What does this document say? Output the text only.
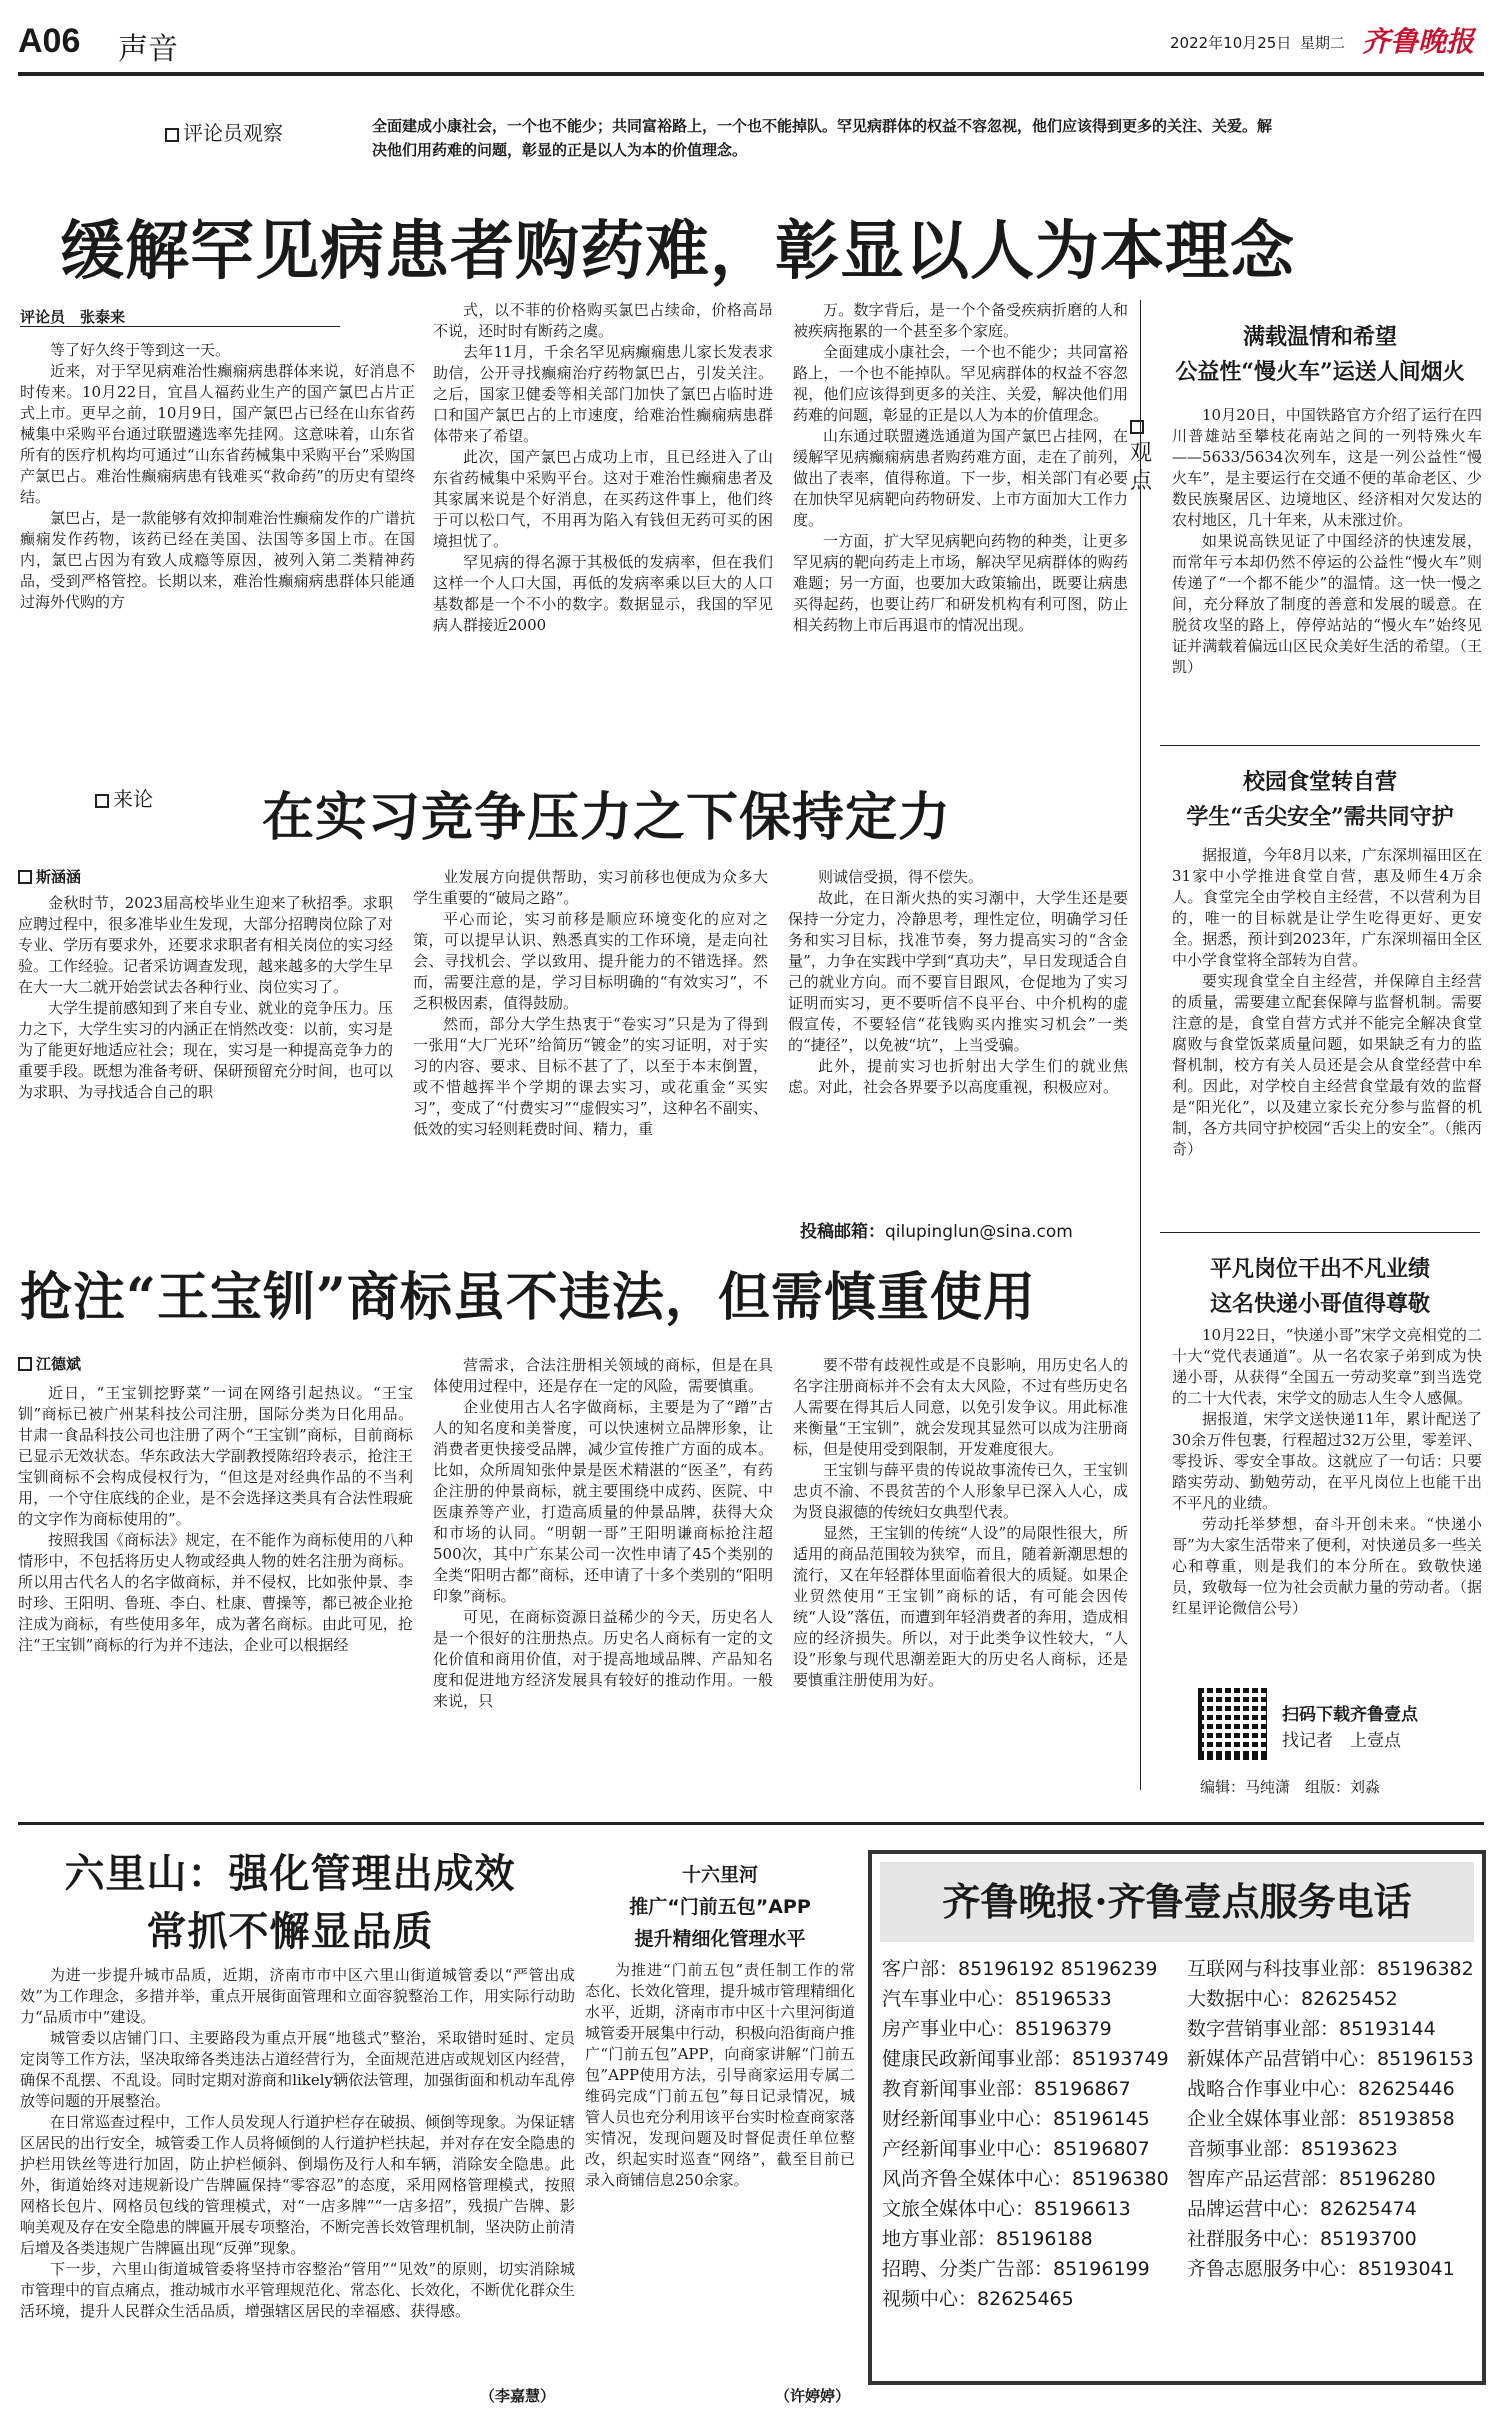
A06 声音	2022年10月25日 星期二 齐鲁晚报
评论员观察	全面建成小康社会，一个也不能少；共同富裕路上，一个也不能掉队。罕见病群体的权益不容忽视，他们应该得到更多的关注、关爱。解决他们用药难的问题，彰显的正是以人为本的价值理念。
缓解罕见病患者购药难，彰显以人为本理念
评论员　张泰来

等了好久终于等到这一天。

近来，对于罕见病难治性癫痫病患群体来说，好消息不时传来。10月22日，宜昌人福药业生产的国产氯巴占片正式上市。更早之前，10月9日，国产氯巴占已经在山东省药械集中采购平台通过联盟遴选率先挂网。这意味着，山东省所有的医疗机构均可通过“山东省药械集中采购平台”采购国产氯巴占。难治性癫痫病患有钱难买“救命药”的历史有望终结。

氯巴占，是一款能够有效抑制难治性癫痫发作的广谱抗癫痫发作药物，该药已经在美国、法国等多国上市。在国内，氯巴占因为有致人成瘾等原因，被列入第二类精神药品，受到严格管控。长期以来，难治性癫痫病患群体只能通过海外代购的方

式，以不菲的价格购买氯巴占续命，价格高昂不说，还时时有断药之虞。

去年11月，千余名罕见病癫痫患儿家长发表求助信，公开寻找癫痫治疗药物氯巴占，引发关注。之后，国家卫健委等相关部门加快了氯巴占临时进口和国产氯巴占的上市速度，给难治性癫痫病患群体带来了希望。

此次，国产氯巴占成功上市，且已经进入了山东省药械集中采购平台。这对于难治性癫痫患者及其家属来说是个好消息，在买药这件事上，他们终于可以松口气，不用再为陷入有钱但无药可买的困境担忧了。

罕见病的得名源于其极低的发病率，但在我们这样一个人口大国，再低的发病率乘以巨大的人口基数都是一个不小的数字。数据显示，我国的罕见病人群接近2000

万。数字背后，是一个个备受疾病折磨的人和被疾病拖累的一个甚至多个家庭。

全面建成小康社会，一个也不能少；共同富裕路上，一个也不能掉队。罕见病群体的权益不容忽视，他们应该得到更多的关注、关爱，解决他们用药难的问题，彰显的正是以人为本的价值理念。

山东通过联盟遴选通道为国产氯巴占挂网，在缓解罕见病癫痫病患者购药难方面，走在了前列，做出了表率，值得称道。下一步，相关部门有必要在加快罕见病靶向药物研发、上市方面加大工作力度。

一方面，扩大罕见病靶向药物的种类，让更多罕见病的靶向药走上市场，解决罕见病群体的购药难题；另一方面，也要加大政策输出，既要让病患买得起药，也要让药厂和研发机构有利可图，防止相关药物上市后再退市的情况出现。

满载温情和希望
公益性“慢火车”运送人间烟火
观点

10月20日，中国铁路官方介绍了运行在四川普雄站至攀枝花南站之间的一列特殊火车——5633/5634次列车，这是一列公益性“慢火车”，是主要运行在交通不便的革命老区、少数民族聚居区、边境地区、经济相对欠发达的农村地区，几十年来，从未涨过价。

如果说高铁见证了中国经济的快速发展，而常年亏本却仍然不停运的公益性“慢火车”则传递了“一个都不能少”的温情。这一快一慢之间，充分释放了制度的善意和发展的暖意。在脱贫攻坚的路上，停停站站的“慢火车”始终见证并满载着偏远山区民众美好生活的希望。（王凯）

来论 在实习竞争压力之下保持定力
斯涵涵

金秋时节，2023届高校毕业生迎来了秋招季。求职应聘过程中，很多准毕业生发现，大部分招聘岗位除了对专业、学历有要求外，还要求求职者有相关岗位的实习经验。工作经验。记者采访调查发现，越来越多的大学生早在大一大二就开始尝试去各种行业、岗位实习了。

大学生提前感知到了来自专业、就业的竞争压力。压力之下，大学生实习的内涵正在悄然改变：以前，实习是为了能更好地适应社会；现在，实习是一种提高竞争力的重要手段。既想为准备考研、保研预留充分时间，也可以为求职、为寻找适合自己的职

业发展方向提供帮助，实习前移也便成为众多大学生重要的“破局之路”。

平心而论，实习前移是顺应环境变化的应对之策，可以提早认识、熟悉真实的工作环境，是走向社会、寻找机会、学以致用、提升能力的不错选择。然而，需要注意的是，学习目标明确的“有效实习”，不乏积极因素，值得鼓励。

然而，部分大学生热衷于“卷实习”只是为了得到一张用“大厂光环”给简历“镀金”的实习证明，对于实习的内容、要求、目标不甚了了，以至于本末倒置，或不惜越挥半个学期的课去实习，或花重金“买实习”，变成了“付费实习”“虚假实习”，这种名不副实、低效的实习轻则耗费时间、精力，重

则诚信受损，得不偿失。

故此，在日渐火热的实习潮中，大学生还是要保持一分定力，冷静思考，理性定位，明确学习任务和实习目标，找准节奏，努力提高实习的“含金量”，力争在实践中学到“真功夫”，早日发现适合自己的就业方向。而不要盲目跟风，仓促地为了实习证明而实习，更不要听信不良平台、中介机构的虚假宣传，不要轻信“花钱购买内推实习机会”一类的“捷径”，以免被“坑”，上当受骗。

此外，提前实习也折射出大学生们的就业焦虑。对此，社会各界要予以高度重视，积极应对。

投稿邮箱：qilupinglun@sina.com
校园食堂转自营
学生“舌尖安全”需共同守护

据报道，今年8月以来，广东深圳福田区在31家中小学推进食堂自营，惠及师生4万余人。食堂完全由学校自主经营，不以营利为目的，唯一的目标就是让学生吃得更好、更安全。据悉，预计到2023年，广东深圳福田全区中小学食堂将全部转为自营。

要实现食堂全自主经营，并保障自主经营的质量，需要建立配套保障与监督机制。需要注意的是，食堂自营方式并不能完全解决食堂腐败与食堂饭菜质量问题，如果缺乏有力的监督机制，校方有关人员还是会从食堂经营中牟利。因此，对学校自主经营食堂最有效的监督是“阳光化”，以及建立家长充分参与监督的机制，各方共同守护校园“舌尖上的安全”。（熊丙奇）

抢注“王宝钏”商标虽不违法，但需慎重使用
江德斌

近日，“王宝钏挖野菜”一词在网络引起热议。“王宝钏”商标已被广州某科技公司注册，国际分类为日化用品。甘肃一食品科技公司也注册了两个“王宝钏”商标，目前商标已显示无效状态。华东政法大学副教授陈绍玲表示，抢注王宝钏商标不会构成侵权行为，“但这是对经典作品的不当利用，一个守住底线的企业，是不会选择这类具有合法性瑕疵的文字作为商标使用的”。

按照我国《商标法》规定，在不能作为商标使用的八种情形中，不包括将历史人物或经典人物的姓名注册为商标。所以用古代名人的名字做商标，并不侵权，比如张仲景、李时珍、王阳明、鲁班、李白、杜康、曹操等，都已被企业抢注成为商标，有些使用多年，成为著名商标。由此可见，抢注“王宝钏”商标的行为并不违法，企业可以根据经

营需求，合法注册相关领域的商标，但是在具体使用过程中，还是存在一定的风险，需要慎重。

企业使用古人名字做商标，主要是为了“蹭”古人的知名度和美誉度，可以快速树立品牌形象，让消费者更快接受品牌，减少宣传推广方面的成本。比如，众所周知张仲景是医术精湛的“医圣”，有药企注册的仲景商标，就主要围绕中成药、医院、中医康养等产业，打造高质量的仲景品牌，获得大众和市场的认同。“明朝一哥”王阳明谦商标抢注超500次，其中广东某公司一次性申请了45个类别的全类“阳明古都”商标，还申请了十多个类别的“阳明印象”商标。

可见，在商标资源日益稀少的今天，历史名人是一个很好的注册热点。历史名人商标有一定的文化价值和商用价值，对于提高地域品牌、产品知名度和促进地方经济发展具有较好的推动作用。一般来说，只

要不带有歧视性或是不良影响，用历史名人的名字注册商标并不会有太大风险，不过有些历史名人需要在得其后人同意，以免引发争议。用此标准来衡量“王宝钏”，就会发现其显然可以成为注册商标，但是使用受到限制，开发难度很大。

王宝钏与薛平贵的传说故事流传已久，王宝钏忠贞不渝、不畏贫苦的个人形象早已深入人心，成为贤良淑德的传统妇女典型代表。

显然，王宝钏的传统“人设”的局限性很大，所适用的商品范围较为狭窄，而且，随着新潮思想的流行，又在年轻群体里面临着很大的质疑。如果企业贸然使用“王宝钏”商标的话，有可能会因传统“人设”落伍，而遭到年轻消费者的奔用，造成相应的经济损失。所以，对于此类争议性较大，“人设”形象与现代思潮差距大的历史名人商标，还是要慎重注册使用为好。

平凡岗位干出不凡业绩
这名快递小哥值得尊敬

10月22日，“快递小哥”宋学文亮相党的二十大“党代表通道”。从一名农家子弟到成为快递小哥，从获得“全国五一劳动奖章”到当选党的二十大代表，宋学文的励志人生令人感佩。

据报道，宋学文送快递11年，累计配送了30余万件包裹，行程超过32万公里，零差评、零投诉、零安全事故。这就应了一句话：只要踏实劳动、勤勉劳动，在平凡岗位上也能干出不平凡的业绩。

劳动托举梦想，奋斗开创未来。“快递小哥”为大家生活带来了便利，对快递员多一些关心和尊重，则是我们的本分所在。致敬快递员，致敬每一位为社会贡献力量的劳动者。（据红星评论微信公号）

扫码下载齐鲁壹点
找记者　上壹点
编辑：马纯潇　组版：刘淼
六里山：强化管理出成效
常抓不懈显品质

为进一步提升城市品质，近期，济南市市中区六里山街道城管委以“严管出成效”为工作理念，多措并举，重点开展街面管理和立面容貌整治工作，用实际行动助力“品质市中”建设。

城管委以店铺门口、主要路段为重点开展“地毯式”整治，采取错时延时、定员定岗等工作方法，坚决取缔各类违法占道经营行为，全面规范进店或规划区内经营，确保不乱摆、不乱设。同时定期对游商和likely辆依法管理，加强街面和机动车乱停放等问题的开展整治。

在日常巡查过程中，工作人员发现人行道护栏存在破损、倾倒等现象。为保证辖区居民的出行安全，城管委工作人员将倾倒的人行道护栏扶起，并对存在安全隐患的护栏用铁丝等进行加固，防止护栏倾斜、倒塌伤及行人和车辆，消除安全隐患。此外，街道始终对违规新设广告牌匾保持“零容忍”的态度，采用网格管理模式，按照网格长包片、网格员包线的管理模式，对“一店多牌”“一店多招”，残损广告牌、影响美观及存在安全隐患的牌匾开展专项整治，不断完善长效管理机制，坚决防止前清后增及各类违规广告牌匾出现“反弹”现象。

下一步，六里山街道城管委将坚持市容整治“管用”“见效”的原则，切实消除城市管理中的盲点痛点，推动城市水平管理规范化、常态化、长效化，不断优化群众生活环境，提升人民群众生活品质，增强辖区居民的幸福感、获得感。

（李嘉慧）
十六里河
推广“门前五包”APP
提升精细化管理水平

为推进“门前五包”责任制工作的常态化、长效化管理，提升城市管理精细化水平，近期，济南市市中区十六里河街道城管委开展集中行动，积极向沿街商户推广“门前五包”APP，向商家讲解“门前五包”APP使用方法，引导商家运用专属二维码完成“门前五包”每日记录情况，城管人员也充分利用该平台实时检查商家落实情况，发现问题及时督促责任单位整改，织起实时巡查“网络”，截至目前已录入商铺信息250余家。

（许婷婷）
齐鲁晚报·齐鲁壹点服务电话
客户部：85196192 85196239
汽车事业中心：85196533
房产事业中心：85196379
健康民政新闻事业部：85193749
教育新闻事业部：85196867
财经新闻事业中心：85196145
产经新闻事业中心：85196807
风尚齐鲁全媒体中心：85196380
文旅全媒体中心：85196613
地方事业部：85196188
招聘、分类广告部：85196199
视频中心：82625465
互联网与科技事业部：85196382
大数据中心：82625452
数字营销事业部：85193144
新媒体产品营销中心：85196153
战略合作事业中心：82625446
企业全媒体事业部：85193858
音频事业部：85193623
智库产品运营部：85196280
品牌运营中心：82625474
社群服务中心：85193700
齐鲁志愿服务中心：85193041
